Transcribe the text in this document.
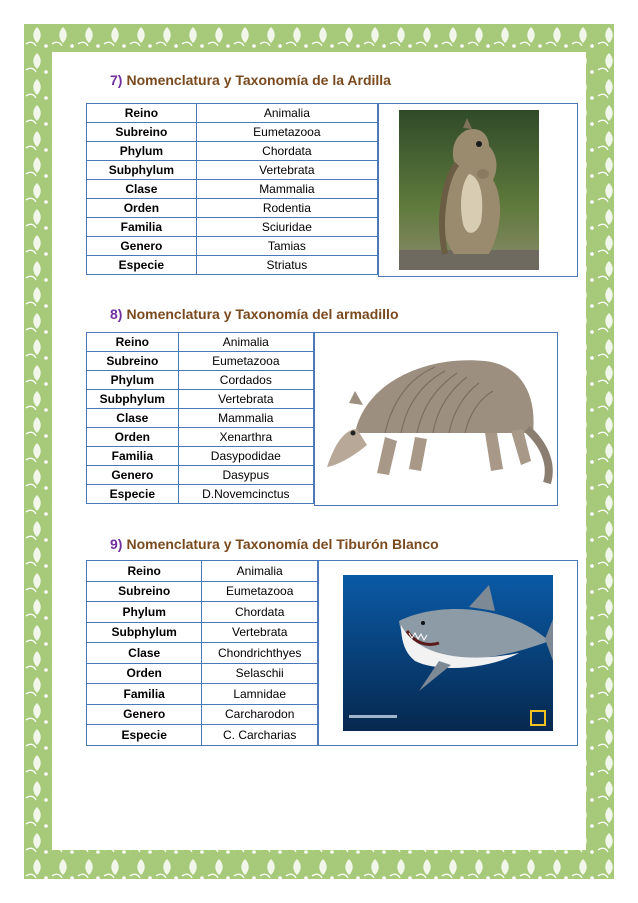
7) Nomenclatura y Taxonomía de la Ardilla
Reino	Animalia
Subreino	Eumetazooa
Phylum	Chordata
Subphylum	Vertebrata
Clase	Mammalia
Orden	Rodentia
Familia	Sciuridae
Genero	Tamias
Especie	Striatus
8) Nomenclatura y Taxonomía del armadillo
Reino	Animalia
Subreino	Eumetazooa
Phylum	Cordados
Subphylum	Vertebrata
Clase	Mammalia
Orden	Xenarthra
Familia	Dasypodidae
Genero	Dasypus
Especie	D.Novemcinctus
9) Nomenclatura y Taxonomía del Tiburón Blanco
Reino	Animalia
Subreino	Eumetazooa
Phylum	Chordata
Subphylum	Vertebrata
Clase	Chondrichthyes
Orden	Selaschii
Familia	Lamnidae
Genero	Carcharodon
Especie	C. Carcharias
